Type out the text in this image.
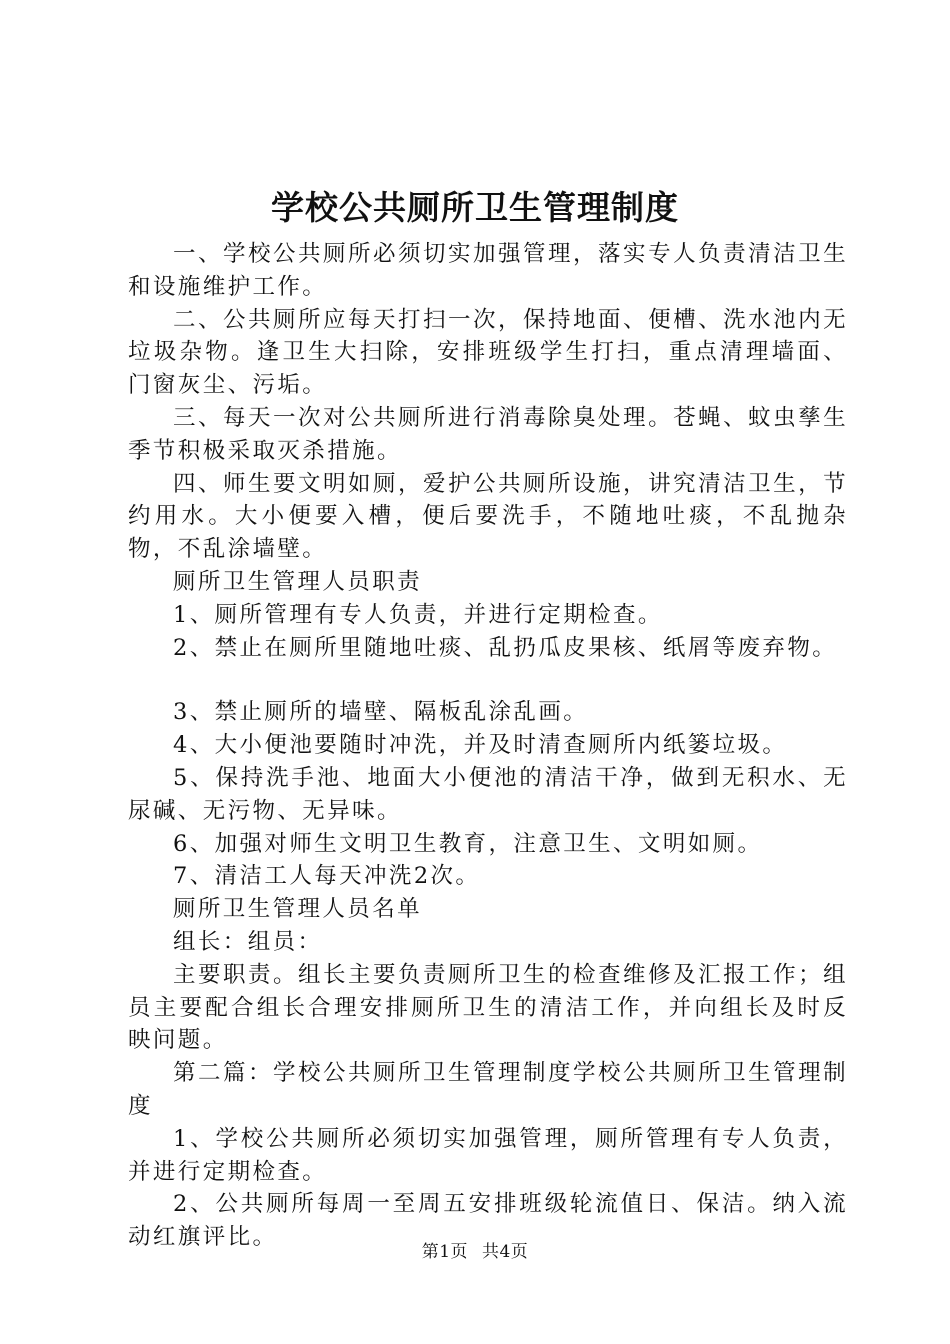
学校公共厕所卫生管理制度

一、学校公共厕所必须切实加强管理，落实专人负责清洁卫生和设施维护工作。

二、公共厕所应每天打扫一次，保持地面、便槽、洗水池内无垃圾杂物。逢卫生大扫除，安排班级学生打扫，重点清理墙面、门窗灰尘、污垢。

三、每天一次对公共厕所进行消毒除臭处理。苍蝇、蚊虫孳生季节积极采取灭杀措施。

四、师生要文明如厕，爱护公共厕所设施，讲究清洁卫生，节约用水。大小便要入槽，便后要洗手，不随地吐痰，不乱抛杂物，不乱涂墙壁。

厕所卫生管理人员职责

1、厕所管理有专人负责，并进行定期检查。

2、禁止在厕所里随地吐痰、乱扔瓜皮果核、纸屑等废弃物。

3、禁止厕所的墙壁、隔板乱涂乱画。

4、大小便池要随时冲洗，并及时清查厕所内纸篓垃圾。

5、保持洗手池、地面大小便池的清洁干净，做到无积水、无尿碱、无污物、无异味。

6、加强对师生文明卫生教育，注意卫生、文明如厕。

7、清洁工人每天冲洗2次。

厕所卫生管理人员名单

组长：组员：

主要职责。组长主要负责厕所卫生的检查维修及汇报工作；组员主要配合组长合理安排厕所卫生的清洁工作，并向组长及时反映问题。

第二篇：学校公共厕所卫生管理制度学校公共厕所卫生管理制度

1、学校公共厕所必须切实加强管理，厕所管理有专人负责，并进行定期检查。

2、公共厕所每周一至周五安排班级轮流值日、保洁。纳入流动红旗评比。

第1页 共4页
